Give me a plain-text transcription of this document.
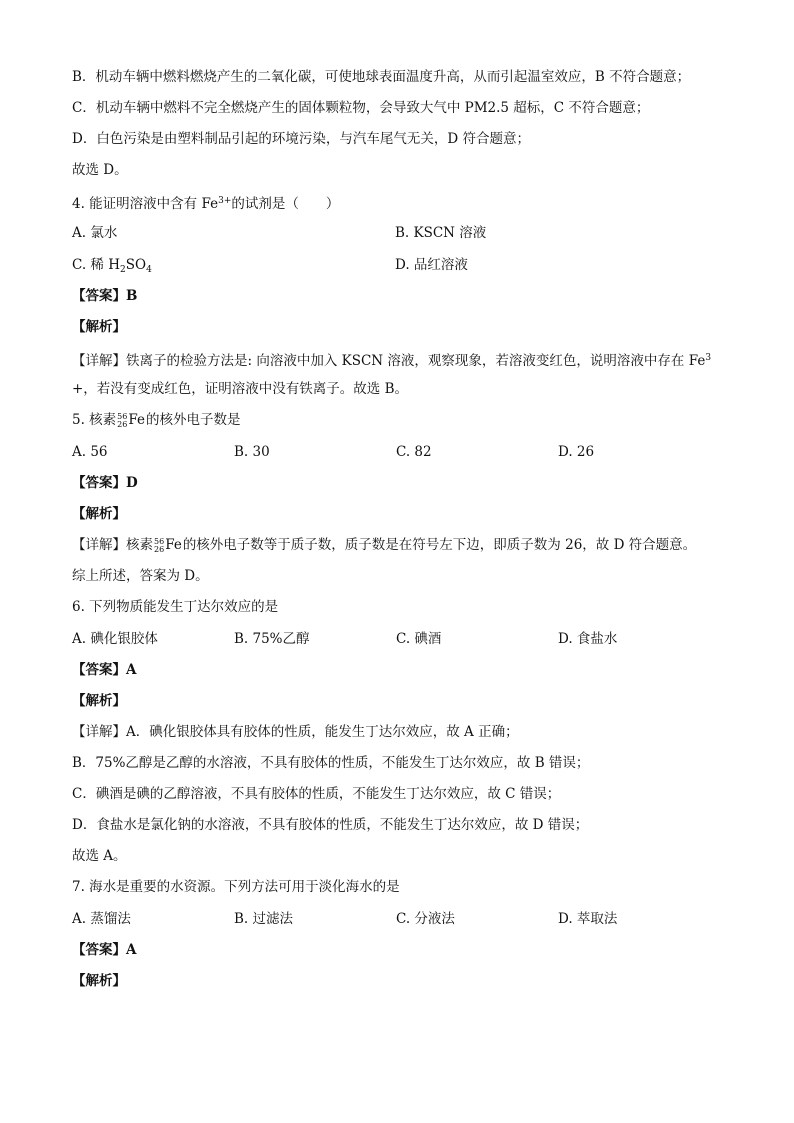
B．机动车辆中燃料燃烧产生的二氧化碳，可使地球表面温度升高，从而引起温室效应，B 不符合题意；
C．机动车辆中燃料不完全燃烧产生的固体颗粒物，会导致大气中 PM2.5 超标，C 不符合题意；
D．白色污染是由塑料制品引起的环境污染，与汽车尾气无关，D 符合题意；
故选 D。
4. 能证明溶液中含有 $Fe^{3+}$的试剂是（　　）
A. 氯水	B. KSCN 溶液
C. 稀 $H_2SO_4$	D. 品红溶液
【答案】B
【解析】
【详解】铁离子的检验方法是: 向溶液中加入 KSCN 溶液，观察现象，若溶液变红色，说明溶液中存在 $Fe^3$
+，若没有变成红色，证明溶液中没有铁离子。故选 B。
5. 核素 56
26 Fe 的核外电子数是
A. 56	B. 30	C. 82	D. 26
【答案】D
【解析】
【详解】核素 56
26 Fe 的核外电子数等于质子数，质子数是在符号左下边，即质子数为 26，故 D 符合题意。
综上所述，答案为 D。
6. 下列物质能发生丁达尔效应的是
A. 碘化银胶体	B. 75%乙醇	C. 碘酒	D. 食盐水
【答案】A
【解析】
【详解】A．碘化银胶体具有胶体的性质，能发生丁达尔效应，故 A 正确；
B．75%乙醇是乙醇的水溶液，不具有胶体的性质，不能发生丁达尔效应，故 B 错误；
C．碘酒是碘的乙醇溶液，不具有胶体的性质，不能发生丁达尔效应，故 C 错误；
D．食盐水是氯化钠的水溶液，不具有胶体的性质，不能发生丁达尔效应，故 D 错误；
故选 A。
7. 海水是重要的水资源。下列方法可用于淡化海水的是
A. 蒸馏法	B. 过滤法	C. 分液法	D. 萃取法
【答案】A
【解析】
